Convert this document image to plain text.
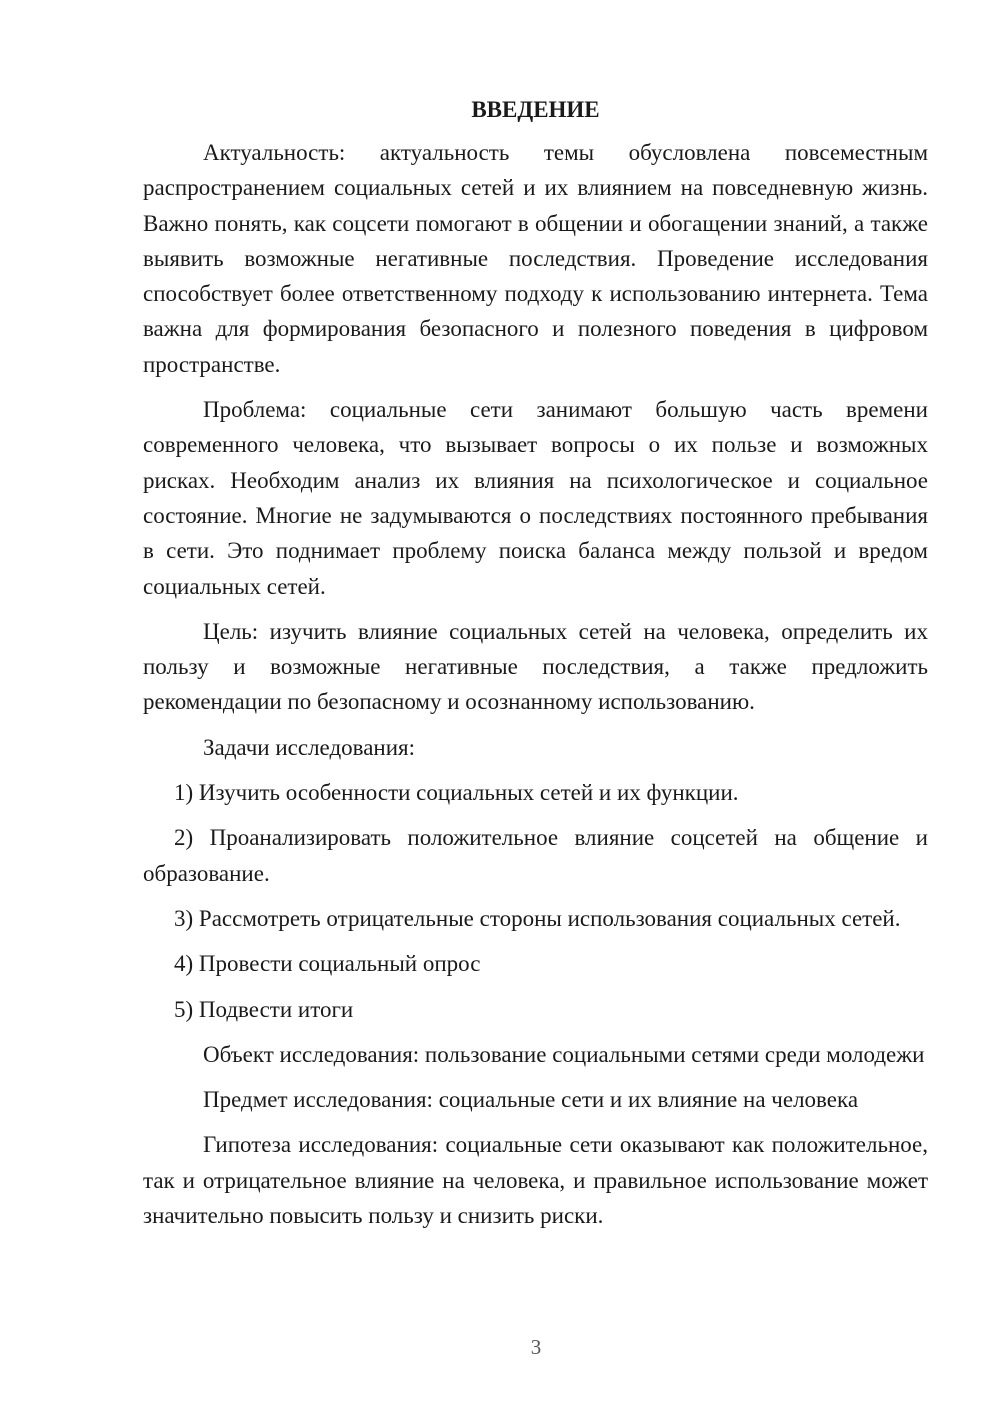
ВВЕДЕНИЕ

Актуальность: актуальность темы обусловлена повсеместным распространением социальных сетей и их влиянием на повседневную жизнь. Важно понять, как соцсети помогают в общении и обогащении знаний, а также выявить возможные негативные последствия. Проведение исследования способствует более ответственному подходу к использованию интернета. Тема важна для формирования безопасного и полезного поведения в цифровом пространстве.

Проблема: социальные сети занимают большую часть времени современного человека, что вызывает вопросы о их пользе и возможных рисках. Необходим анализ их влияния на психологическое и социальное состояние. Многие не задумываются о последствиях постоянного пребывания в сети. Это поднимает проблему поиска баланса между пользой и вредом социальных сетей.

Цель: изучить влияние социальных сетей на человека, определить их пользу и возможные негативные последствия, а также предложить рекомендации по безопасному и осознанному использованию.

Задачи исследования:

1) Изучить особенности социальных сетей и их функции.

2) Проанализировать положительное влияние соцсетей на общение и образование.

3) Рассмотреть отрицательные стороны использования социальных сетей.

4) Провести социальный опрос

5) Подвести итоги

Объект исследования: пользование социальными сетями среди молодежи

Предмет исследования: социальные сети и их влияние на человека

Гипотеза исследования: социальные сети оказывают как положительное, так и отрицательное влияние на человека, и правильное использование может значительно повысить пользу и снизить риски.

3
